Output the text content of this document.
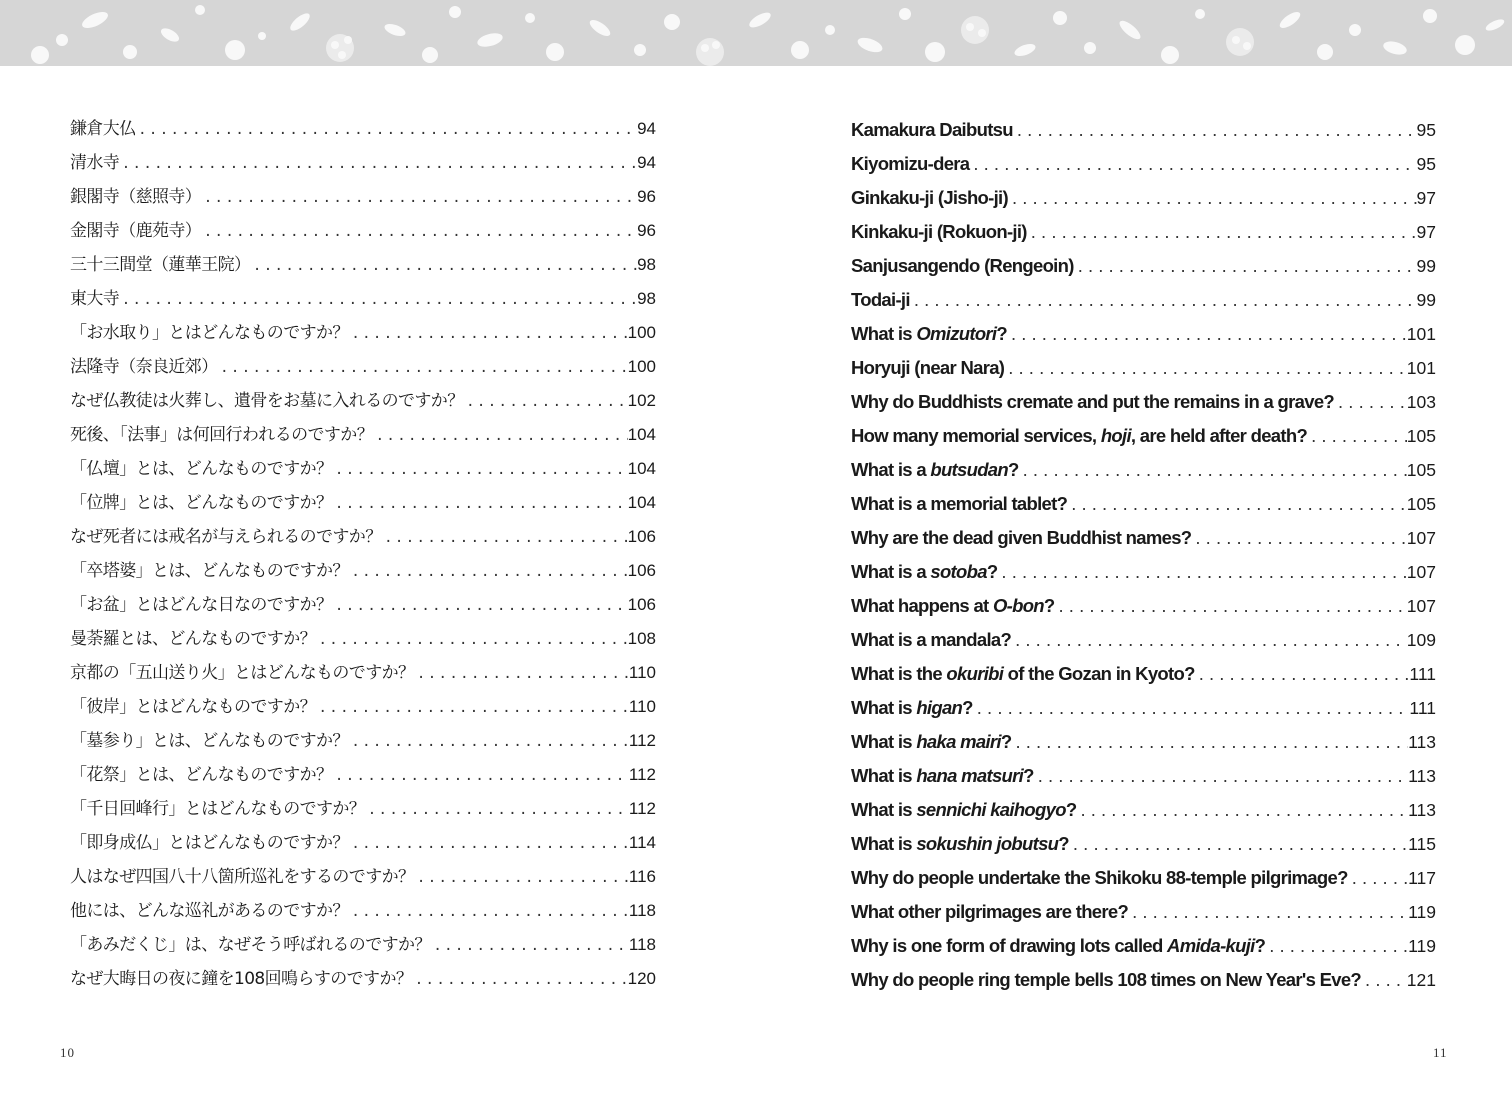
鎌倉大仏 . . .	94
清水寺 . . .	94
銀閣寺（慈照寺） . . .	96
金閣寺（鹿苑寺） . . .	96
三十三間堂（蓮華王院） . . .	98
東大寺 . . .	98
「お水取り」とはどんなものですか？ . . .	100
法隆寺（奈良近郊） . . .	100
なぜ仏教徒は火葬し、遺骨をお墓に入れるのですか？ . . .	102
死後、「法事」は何回行われるのですか？ . . .	104
「仏壇」とは、どんなものですか？ . . .	104
「位牌」とは、どんなものですか？ . . .	104
なぜ死者には戒名が与えられるのですか？ . . .	106
「卒塔婆」とは、どんなものですか？ . . .	106
「お盆」とはどんな日なのですか？ . . .	106
曼荼羅とは、どんなものですか？ . . .	108
京都の「五山送り火」とはどんなものですか？ . . .	110
「彼岸」とはどんなものですか？ . . .	110
「墓参り」とは、どんなものですか？ . . .	112
「花祭」とは、どんなものですか？ . . .	112
「千日回峰行」とはどんなものですか？ . . .	112
「即身成仏」とはどんなものですか？ . . .	114
人はなぜ四国八十八箇所巡礼をするのですか？ . . .	116
他には、どんな巡礼があるのですか？ . . .	118
「あみだくじ」は、なぜそう呼ばれるのですか？ . . .	118
なぜ大晦日の夜に鐘を108回鳴らすのですか？ . . .	120
Kamakura Daibutsu . . .	95
Kiyomizu-dera . . .	95
Ginkaku-ji (Jisho-ji) . . .	97
Kinkaku-ji (Rokuon-ji) . . .	97
Sanjusangendo (Rengeoin) . . .	99
Todai-ji . . .	99
What is Omizutori? . . .	101
Horyuji (near Nara) . . .	101
Why do Buddhists cremate and put the remains in a grave? . . .	103
How many memorial services, hoji, are held after death? . . .	105
What is a butsudan? . . .	105
What is a memorial tablet? . . .	105
Why are the dead given Buddhist names? . . .	107
What is a sotoba? . . .	107
What happens at O-bon? . . .	107
What is a mandala? . . .	109
What is the okuribi of the Gozan in Kyoto? . . .	111
What is higan? . . .	111
What is haka mairi? . . .	113
What is hana matsuri? . . .	113
What is sennichi kaihogyo? . . .	113
What is sokushin jobutsu? . . .	115
Why do people undertake the Shikoku 88-temple pilgrimage? . . .	117
What other pilgrimages are there? . . .	119
Why is one form of drawing lots called Amida-kuji? . . .	119
Why do people ring temple bells 108 times on New Year's Eve? . . .	121
10	11
